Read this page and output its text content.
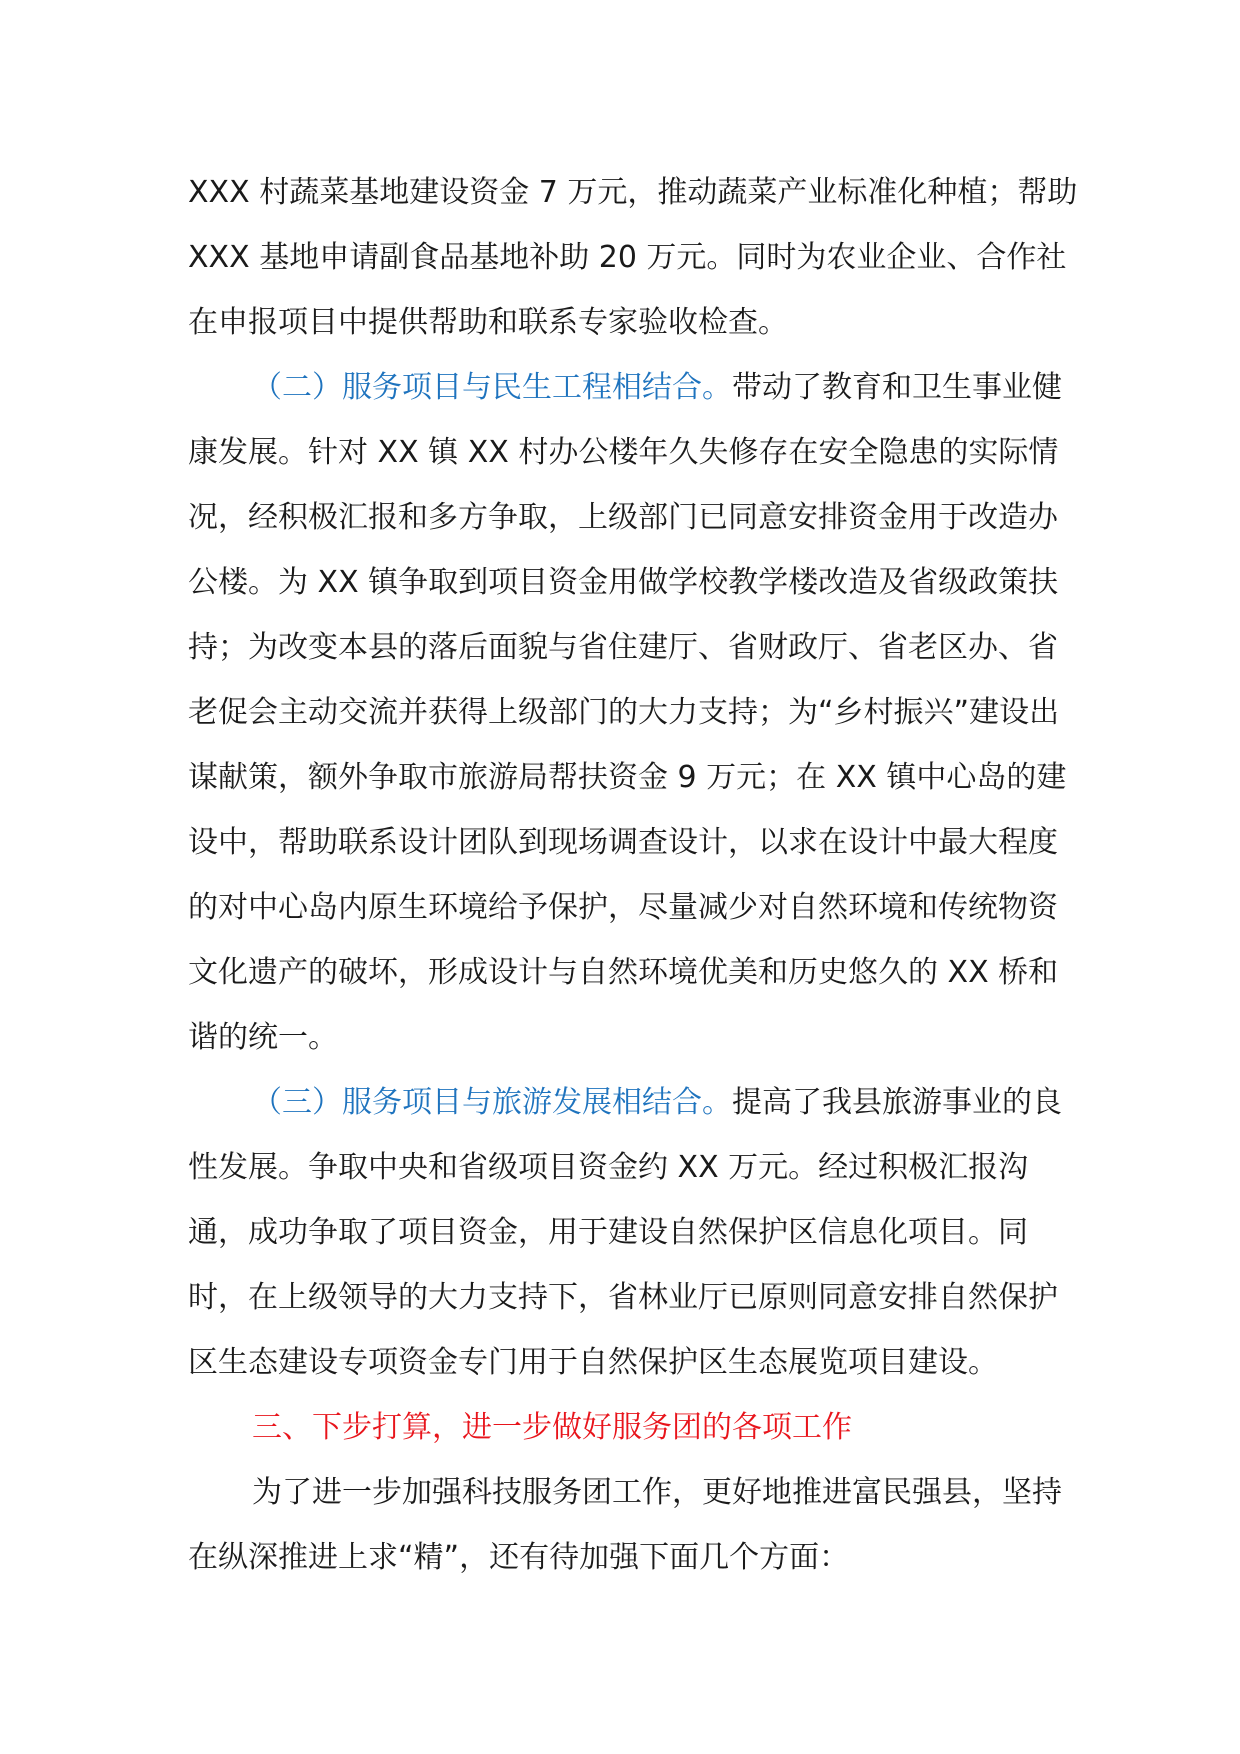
XXX 村蔬菜基地建设资金 7 万元，推动蔬菜产业标准化种植；帮助 XXX 基地申请副食品基地补助 20 万元。同时为农业企业、合作社在申报项目中提供帮助和联系专家验收检查。

（二）服务项目与民生工程相结合。带动了教育和卫生事业健康发展。针对 XX 镇 XX 村办公楼年久失修存在安全隐患的实际情况，经积极汇报和多方争取，上级部门已同意安排资金用于改造办公楼。为 XX 镇争取到项目资金用做学校教学楼改造及省级政策扶持；为改变本县的落后面貌与省住建厅、省财政厅、省老区办、省老促会主动交流并获得上级部门的大力支持；为“乡村振兴”建设出谋献策，额外争取市旅游局帮扶资金 9 万元；在 XX 镇中心岛的建设中，帮助联系设计团队到现场调查设计，以求在设计中最大程度的对中心岛内原生环境给予保护，尽量减少对自然环境和传统物资文化遗产的破坏，形成设计与自然环境优美和历史悠久的 XX 桥和谐的统一。

（三）服务项目与旅游发展相结合。提高了我县旅游事业的良性发展。争取中央和省级项目资金约 XX 万元。经过积极汇报沟通，成功争取了项目资金，用于建设自然保护区信息化项目。同时，在上级领导的大力支持下，省林业厅已原则同意安排自然保护区生态建设专项资金专门用于自然保护区生态展览项目建设。

三、下步打算，进一步做好服务团的各项工作

为了进一步加强科技服务团工作，更好地推进富民强县，坚持在纵深推进上求“精”，还有待加强下面几个方面：
